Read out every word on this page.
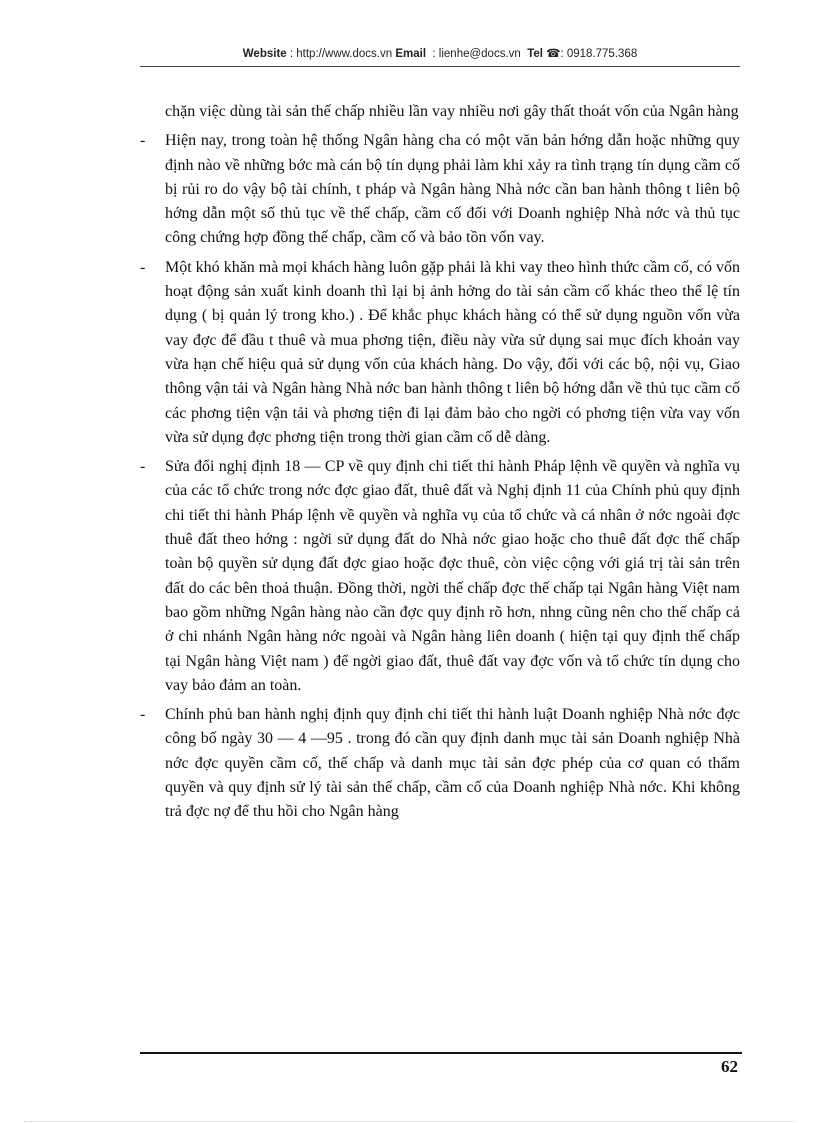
Website : http://www.docs.vn Email  : lienhe@docs.vn  Tel ☎: 0918.775.368
chặn việc dùng tài sản thế chấp nhiều lần vay nhiều nơi gây thất thoát vốn của Ngân hàng
-	Hiện nay, trong toàn hệ thống Ngân hàng cha có một văn bản hớng dẫn hoặc những quy định nào về những bớc mà cán bộ tín dụng phải làm khi xảy ra tình trạng tín dụng cầm cố bị rủi ro do vậy bộ tài chính, t pháp và Ngân hàng Nhà nớc cần ban hành thông t liên bộ hớng dẫn một số thủ tục về thế chấp, cầm cố đối với Doanh nghiệp Nhà nớc và thủ tục công chứng hợp đồng thế chấp, cầm cố và bảo tồn vốn vay.
-	Một khó khăn mà mọi khách hàng luôn gặp phải là khi vay theo hình thức cầm cố, có vốn hoạt động sản xuất kinh doanh thì lại bị ảnh hởng do tài sản cầm cố khác theo thể lệ tín dụng ( bị quản lý trong kho.) . Để khắc phục khách hàng có thể sử dụng nguồn vốn vừa vay đợc để đầu t thuê và mua phơng tiện, điều này vừa sử dụng sai mục đích khoản vay vừa hạn chế hiệu quả sử dụng vốn của khách hàng. Do vậy, đối với các bộ, nội vụ, Giao thông vận tải và Ngân hàng Nhà nớc ban hành thông t liên bộ hớng dẫn về thủ tục cầm cố các phơng tiện vận tải và phơng tiện đi lại đảm bảo cho ngời có phơng tiện vừa vay vốn vừa sử dụng đợc phơng tiện trong thời gian cầm cố dễ dàng.
-	Sửa đổi nghị định 18 — CP về quy định chi tiết thi hành Pháp lệnh về quyền và nghĩa vụ của các tổ chức trong nớc đợc giao đất, thuê đất và Nghị định 11 của Chính phủ quy định chi tiết thi hành Pháp lệnh về quyền và nghĩa vụ của tổ chức và cá nhân ở nớc ngoài đợc thuê đất theo hớng : ngời sử dụng đất do Nhà nớc giao hoặc cho thuê đất đợc thế chấp toàn bộ quyền sử dụng đất đợc giao hoặc đợc thuê, còn việc cộng với giá trị tài sản trên đất do các bên thoả thuận. Đồng thời, ngời thế chấp đợc thế chấp tại Ngân hàng Việt nam bao gồm những Ngân hàng nào cần đợc quy định rõ hơn, nhng cũng nên cho thế chấp cả ở chi nhánh Ngân hàng nớc ngoài và Ngân hàng liên doanh ( hiện tại quy định thế chấp tại Ngân hàng Việt nam ) để ngời giao đất, thuê đất vay đợc vốn và tổ chức tín dụng cho vay bảo đảm an toàn.
-	Chính phủ ban hành nghị định quy định chi tiết thi hành luật Doanh nghiệp Nhà nớc đợc công bố ngày 30 — 4 —95 . trong đó cần quy định danh mục tài sản Doanh nghiệp Nhà nớc đợc quyền cầm cố, thế chấp và danh mục tài sản đợc phép của cơ quan có thẩm quyền và quy định sử lý tài sản thế chấp, cầm cố của Doanh nghiệp Nhà nớc. Khi không trả đợc nợ để thu hồi cho Ngân hàng
62
